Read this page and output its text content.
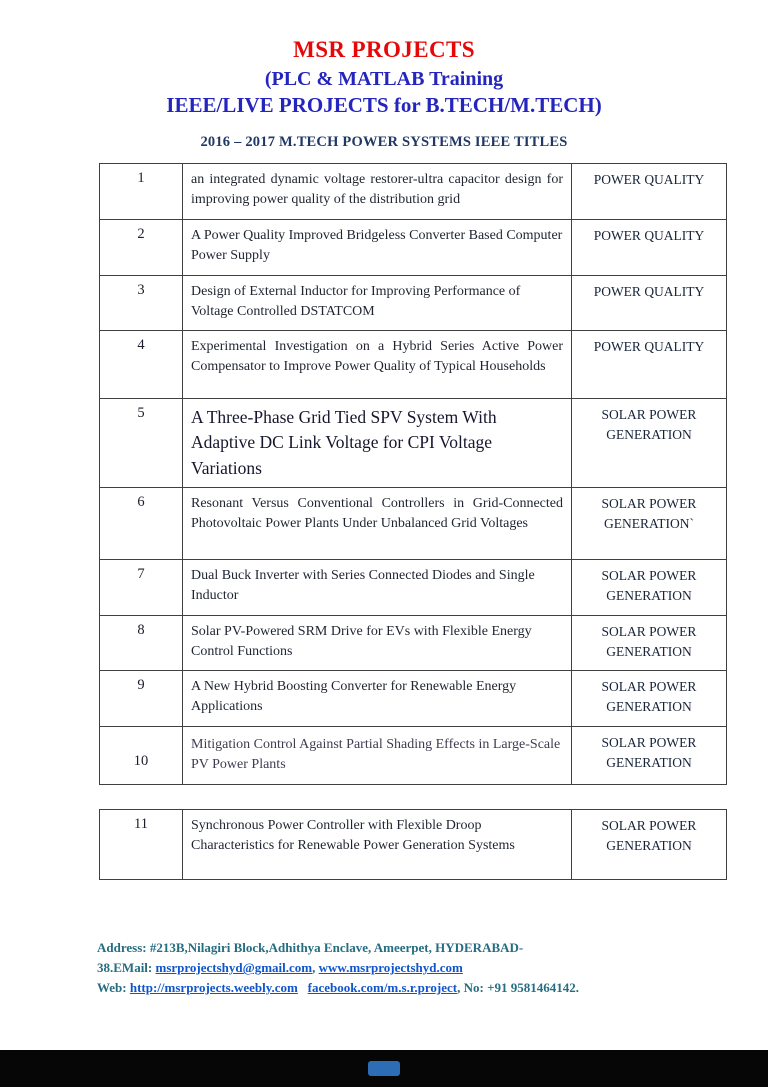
MSR PROJECTS
(PLC & MATLAB Training
IEEE/LIVE PROJECTS for B.TECH/M.TECH)
2016 – 2017 M.TECH POWER SYSTEMS IEEE TITLES
1	an integrated dynamic voltage restorer-ultra capacitor design for improving power quality of the distribution grid	POWER QUALITY
2	A Power Quality Improved Bridgeless Converter Based Computer Power Supply	POWER QUALITY
3	Design of External Inductor for Improving Performance of Voltage Controlled DSTATCOM	POWER QUALITY
4	Experimental Investigation on a Hybrid Series Active Power Compensator to Improve Power Quality of Typical Households	POWER QUALITY
5	A Three-Phase Grid Tied SPV System With Adaptive DC Link Voltage for CPI Voltage Variations	SOLAR POWER GENERATION
6	Resonant Versus Conventional Controllers in Grid-Connected Photovoltaic Power Plants Under Unbalanced Grid Voltages	SOLAR POWER GENERATION`
7	Dual Buck Inverter with Series Connected Diodes and Single Inductor	SOLAR POWER GENERATION
8	Solar PV-Powered SRM Drive for EVs with Flexible Energy Control Functions	SOLAR POWER GENERATION
9	A New Hybrid Boosting Converter for Renewable Energy Applications	SOLAR POWER GENERATION
10	Mitigation Control Against Partial Shading Effects in Large-Scale PV Power Plants	SOLAR POWER GENERATION
11	Synchronous Power Controller with Flexible Droop Characteristics for Renewable Power Generation Systems	SOLAR POWER GENERATION
Address: #213B,Nilagiri Block,Adhithya Enclave, Ameerpet, HYDERABAD-
38.EMail: msrprojectshyd@gmail.com, www.msrprojectshyd.com
Web: http://msrprojects.weebly.com facebook.com/m.s.r.project, No: +91 9581464142.
